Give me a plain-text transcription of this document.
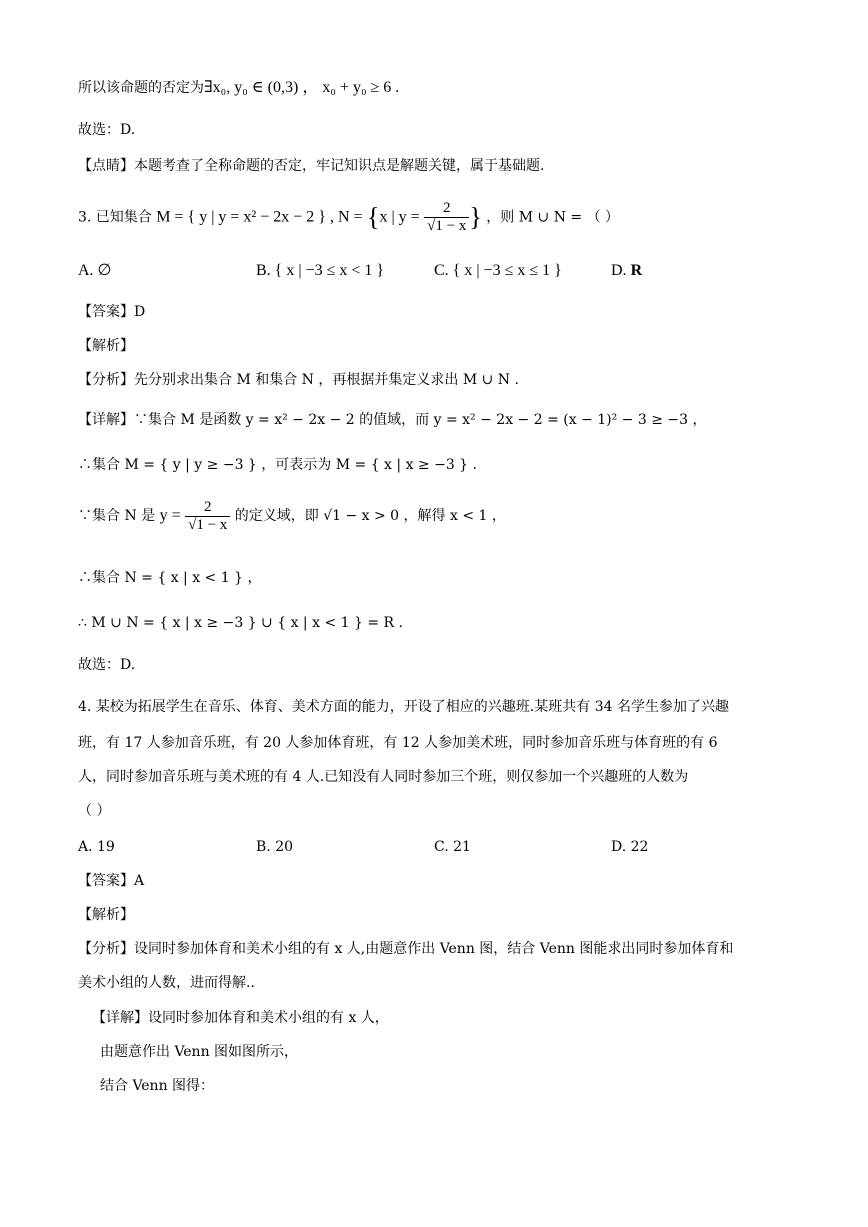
所以该命题的否定为∃x₀, y₀ ∈ (0,3) ， x₀ + y₀ ≥ 6 .
故选：D.
【点睛】本题考查了全称命题的否定，牢记知识点是解题关键，属于基础题.
3. 已知集合 M = { y | y = x² − 2x − 2 } , N = {x | $y = \frac{2}{√1 - x}$ } ，则 M ∪ N = （ ）
A. ∅	B. { x | −3 ≤ x < 1 }	C. { x | −3 ≤ x ≤ 1 }	D. R
【答案】D
【解析】
【分析】先分别求出集合 M 和集合 N ，再根据并集定义求出 M ∪ N .
【详解】∵集合 M 是函数 y = x² − 2x − 2 的值域，而 y = x² − 2x − 2 = (x − 1)² − 3 ≥ −3 ，
∴集合 M = { y | y ≥ −3 } ，可表示为 M = { x | x ≥ −3 } .
∵集合 N 是 $y = \frac{2}{√1 - x}$ 的定义域，即 √1 − x > 0 ，解得 x < 1 ，
∴集合 N = { x | x < 1 } ，
∴ M ∪ N = { x | x ≥ −3 } ∪ { x | x < 1 } = R .
故选：D.
4. 某校为拓展学生在音乐、体育、美术方面的能力，开设了相应的兴趣班.某班共有 34 名学生参加了兴趣
班，有 17 人参加音乐班，有 20 人参加体育班，有 12 人参加美术班，同时参加音乐班与体育班的有 6
人，同时参加音乐班与美术班的有 4 人.已知没有人同时参加三个班，则仅参加一个兴趣班的人数为
（ ）
A. 19	B. 20	C. 21	D. 22
【答案】A
【解析】
【分析】设同时参加体育和美术小组的有 x 人,由题意作出 Venn 图，结合 Venn 图能求出同时参加体育和
美术小组的人数，进而得解..
【详解】设同时参加体育和美术小组的有 x 人，
由题意作出 Venn 图如图所示，
结合 Venn 图得：
